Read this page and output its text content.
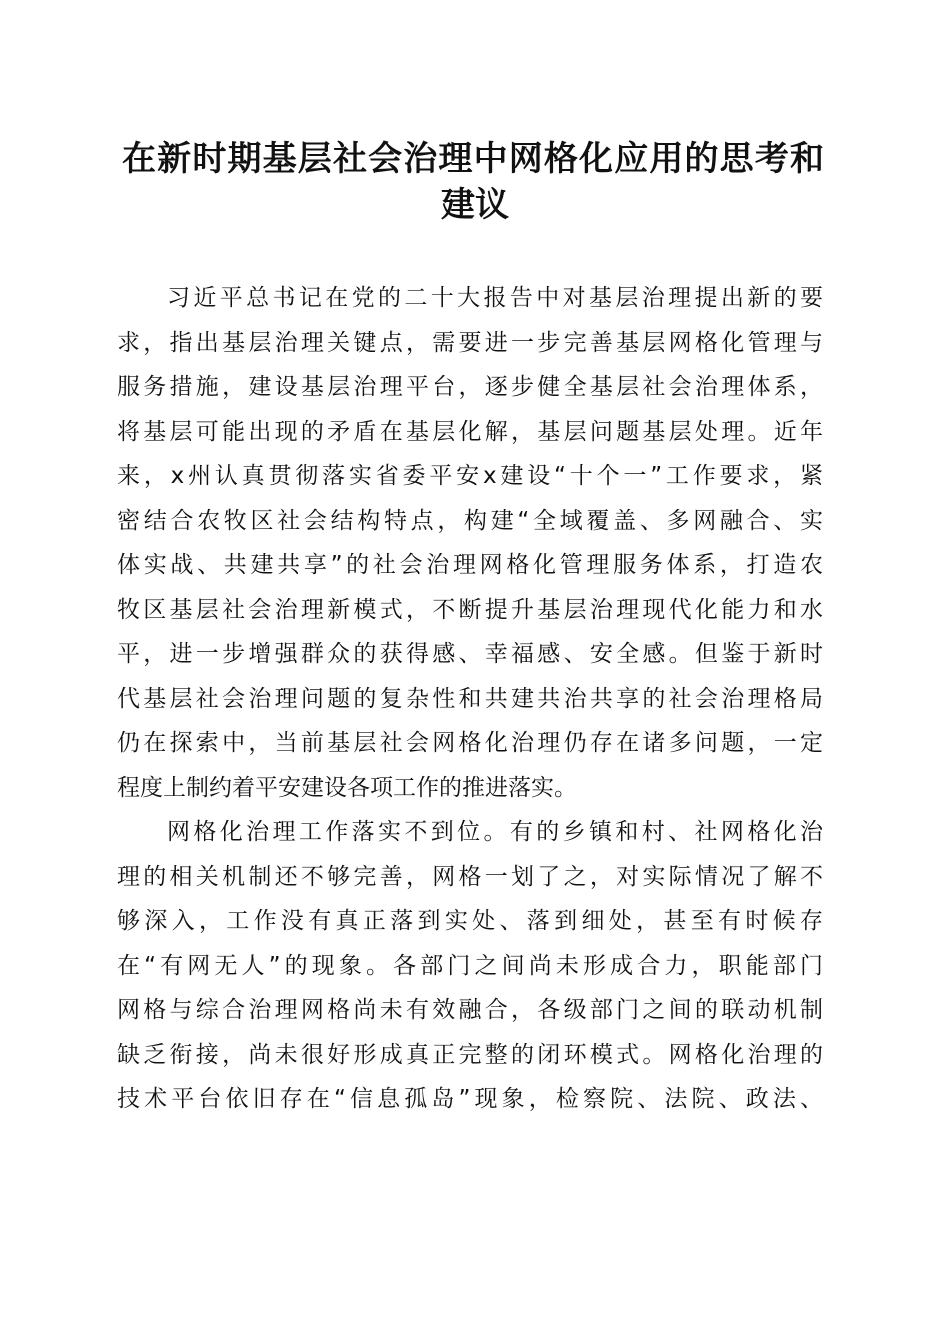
在新时期基层社会治理中网格化应用的思考和
建议
习近平总书记在党的二十大报告中对基层治理提出新的要
求，指出基层治理关键点，需要进一步完善基层网格化管理与
服务措施，建设基层治理平台，逐步健全基层社会治理体系，
将基层可能出现的矛盾在基层化解，基层问题基层处理。近年
来，x州认真贯彻落实省委平安x建设“十个一”工作要求，紧
密结合农牧区社会结构特点，构建“全域覆盖、多网融合、实
体实战、共建共享”的社会治理网格化管理服务体系，打造农
牧区基层社会治理新模式，不断提升基层治理现代化能力和水
平，进一步增强群众的获得感、幸福感、安全感。但鉴于新时
代基层社会治理问题的复杂性和共建共治共享的社会治理格局
仍在探索中，当前基层社会网格化治理仍存在诸多问题，一定
程度上制约着平安建设各项工作的推进落实。
网格化治理工作落实不到位。有的乡镇和村、社网格化治
理的相关机制还不够完善，网格一划了之，对实际情况了解不
够深入，工作没有真正落到实处、落到细处，甚至有时候存
在“有网无人”的现象。各部门之间尚未形成合力，职能部门
网格与综合治理网格尚未有效融合，各级部门之间的联动机制
缺乏衔接，尚未很好形成真正完整的闭环模式。网格化治理的
技术平台依旧存在“信息孤岛”现象，检察院、法院、政法、
